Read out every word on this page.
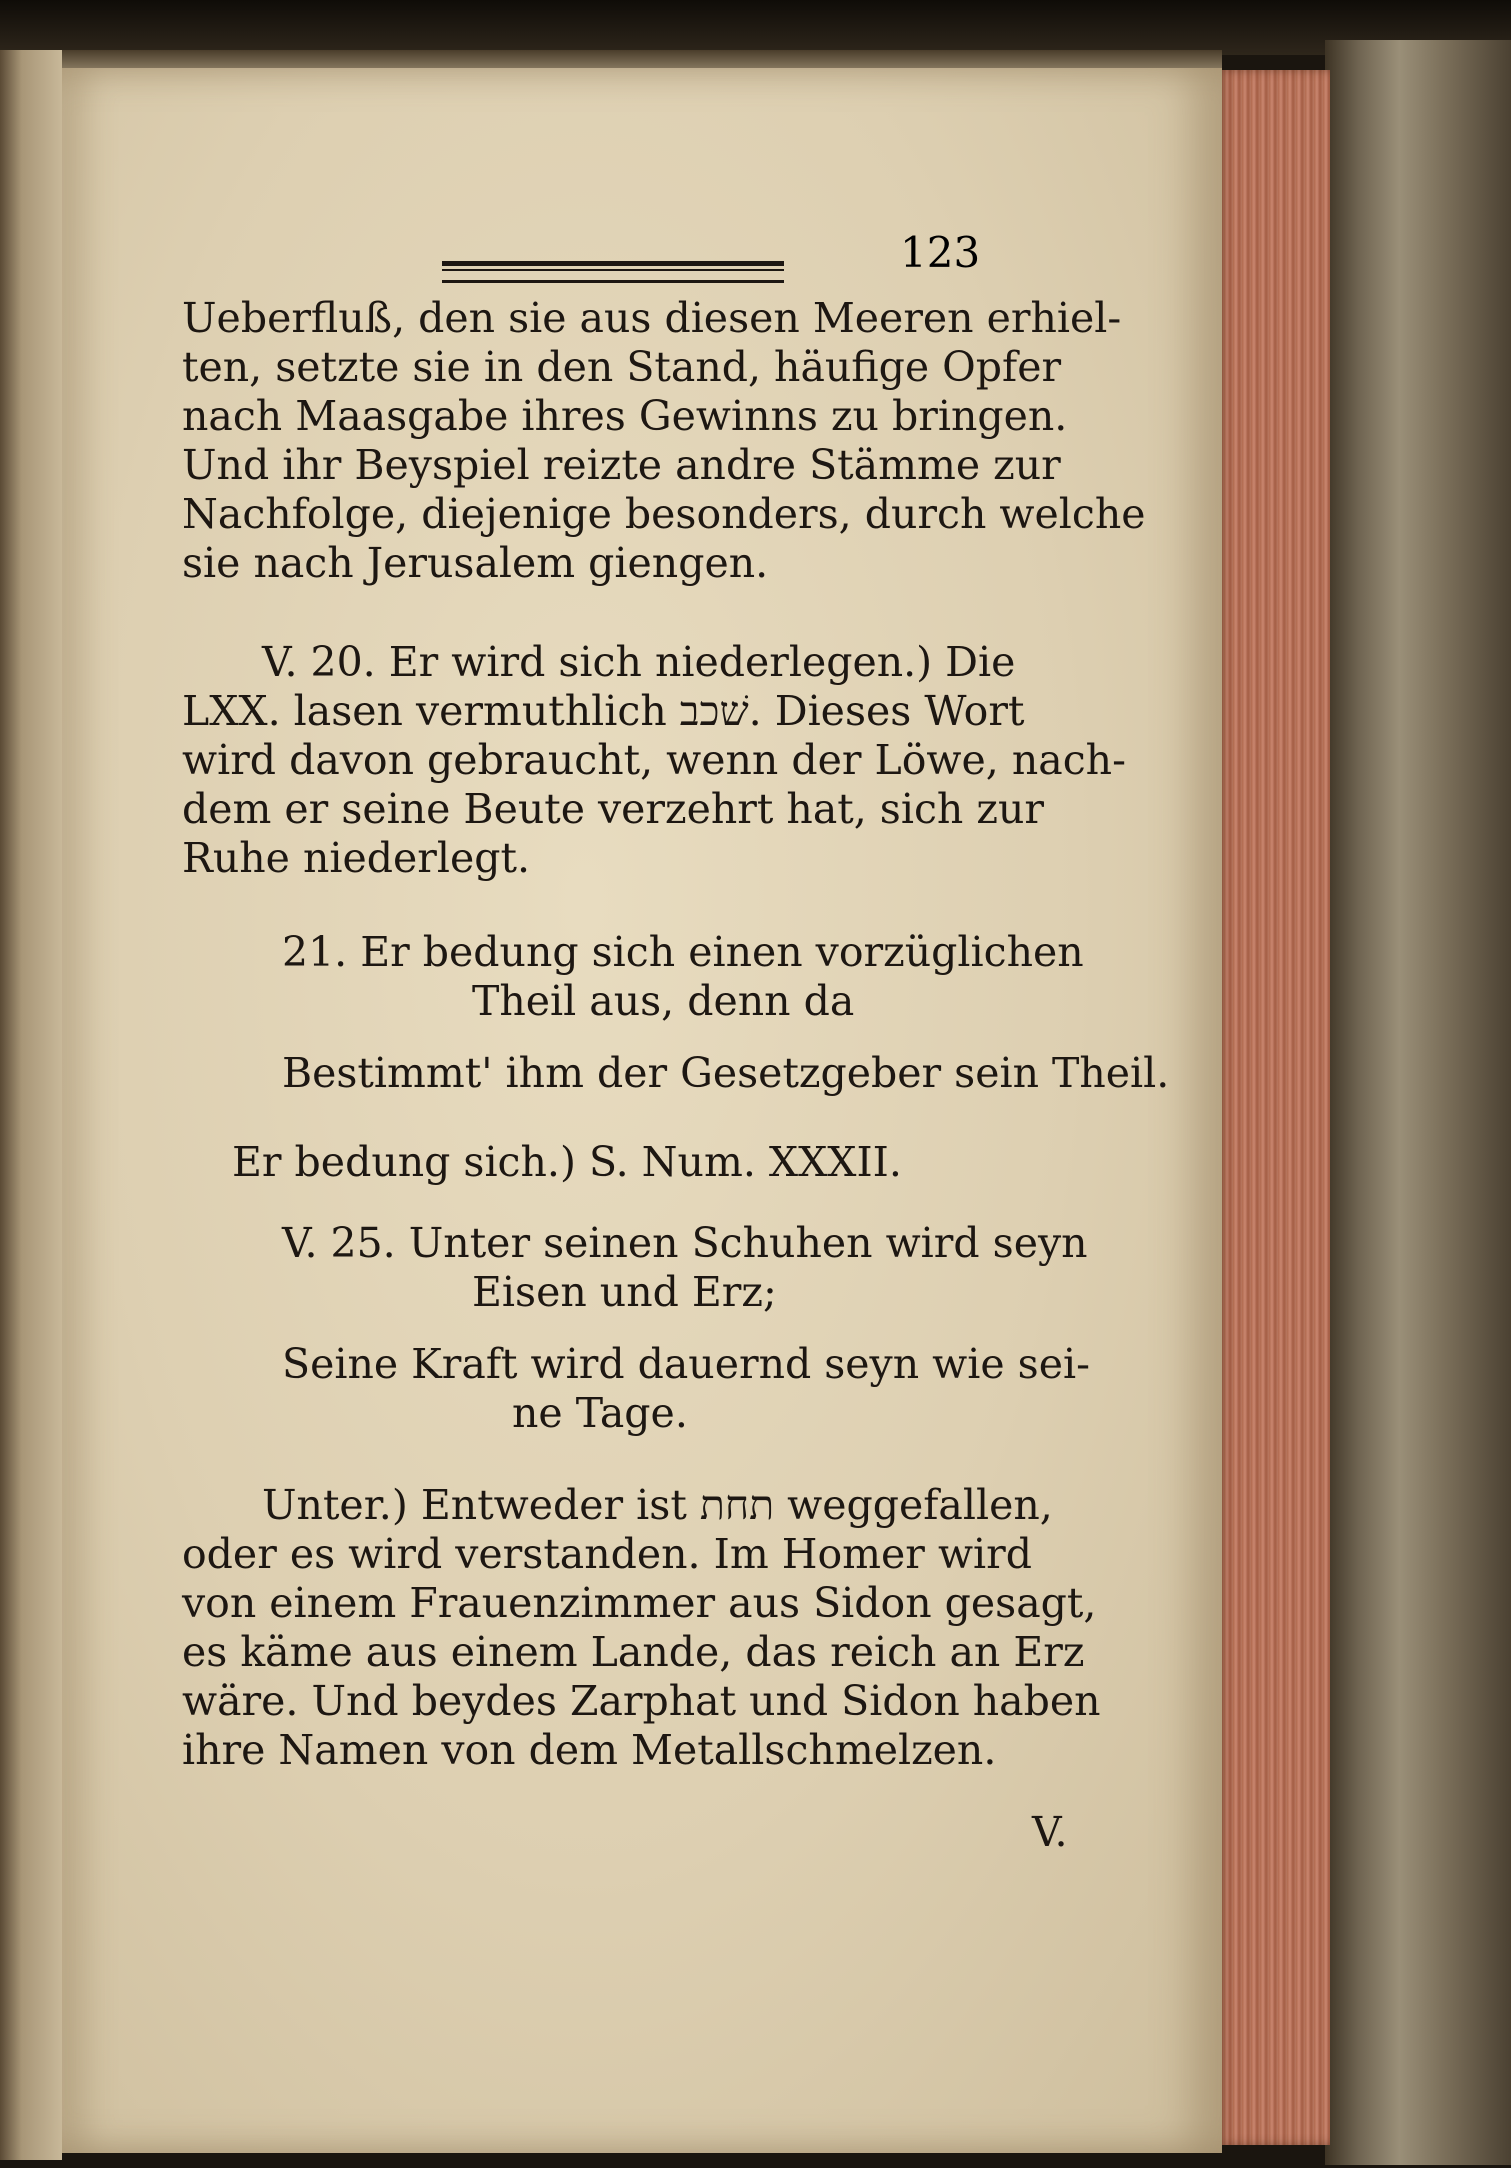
123
Ueberfluß, den sie aus diesen Meeren erhiel-
ten, setzte sie in den Stand, häufige Opfer
nach Maasgabe ihres Gewinns zu bringen.
Und ihr Beyspiel reizte andre Stämme zur
Nachfolge, diejenige besonders, durch welche
sie nach Jerusalem giengen.
V. 20. Er wird sich niederlegen.) Die
LXX. lasen vermuthlich שׁכב. Dieses Wort
wird davon gebraucht, wenn der Löwe, nach-
dem er seine Beute verzehrt hat, sich zur
Ruhe niederlegt.
21. Er bedung sich einen vorzüglichen
Theil aus, denn da
Bestimmt' ihm der Gesetzgeber sein Theil.
Er bedung sich.) S. Num. XXXII.
V. 25. Unter seinen Schuhen wird seyn
Eisen und Erz;
Seine Kraft wird dauernd seyn wie sei-
ne Tage.
Unter.) Entweder ist תחת weggefallen,
oder es wird verstanden. Im Homer wird
von einem Frauenzimmer aus Sidon gesagt,
es käme aus einem Lande, das reich an Erz
wäre. Und beydes Zarphat und Sidon haben
ihre Namen von dem Metallschmelzen.
V.
